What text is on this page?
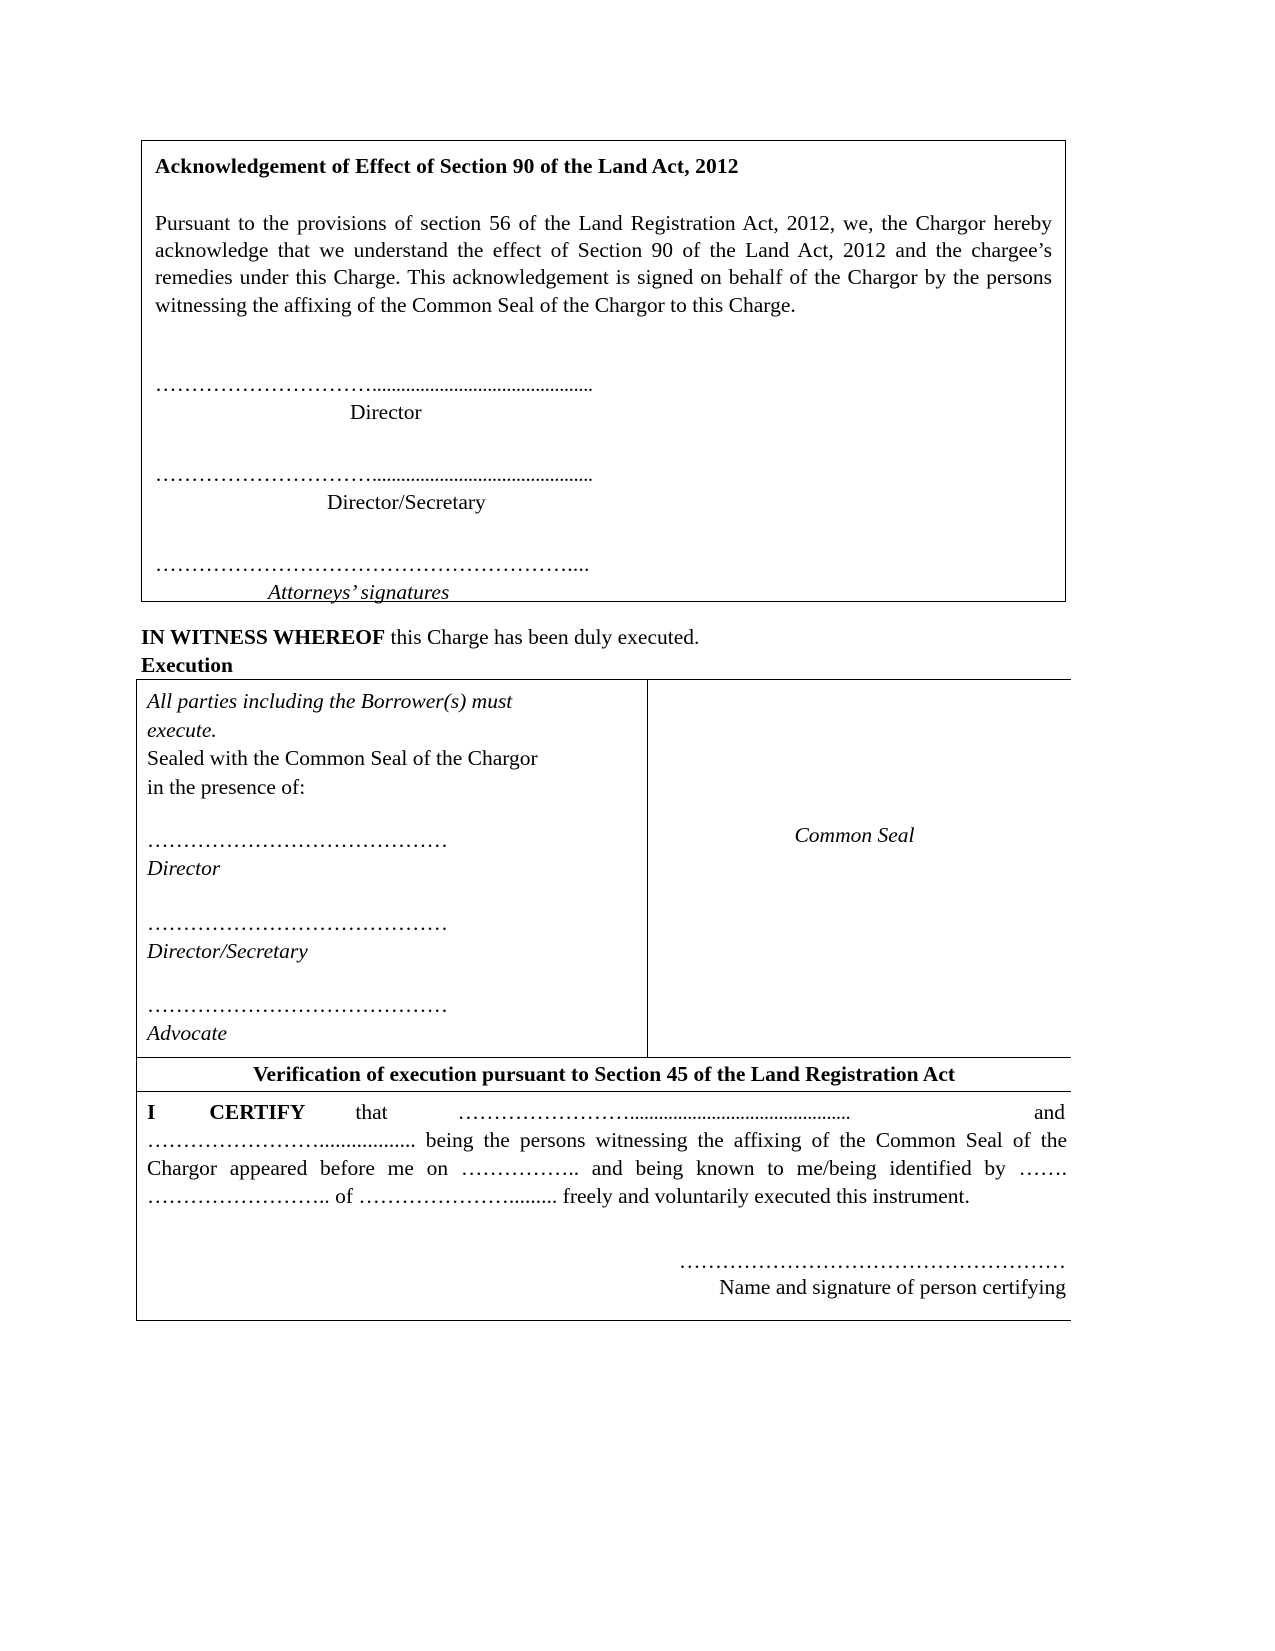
Acknowledgement of Effect of Section 90 of the Land Act, 2012
Pursuant to the provisions of section 56 of the Land Registration Act, 2012, we, the Chargor hereby acknowledge that we understand the effect of Section 90 of the Land Act, 2012 and the chargee’s remedies under this Charge. This acknowledgement is signed on behalf of the Chargor by the persons witnessing the affixing of the Common Seal of the Chargor to this Charge.
…………………………..............................................
Director
…………………………..............................................
Director/Secretary
…………………………………………………....
Attorneys’ signatures
IN WITNESS WHEREOF this Charge has been duly executed.
Execution
All parties including the Borrower(s) must
execute.
Sealed with the Common Seal of the Chargor
in the presence of:
……………………………………
Director
……………………………………
Director/Secretary
……………………………………
Advocate
Common Seal
Verification of execution pursuant to Section 45 of the Land Registration Act
I	CERTIFY that	……………………..............................................	and
…………………….................. being the persons witnessing the affixing of the Common Seal of the Chargor appeared before me on …………….. and being known to me/being identified by ……. …………………….. of …………………......... freely and voluntarily executed this instrument.
………………………………………………
Name and signature of person certifying
